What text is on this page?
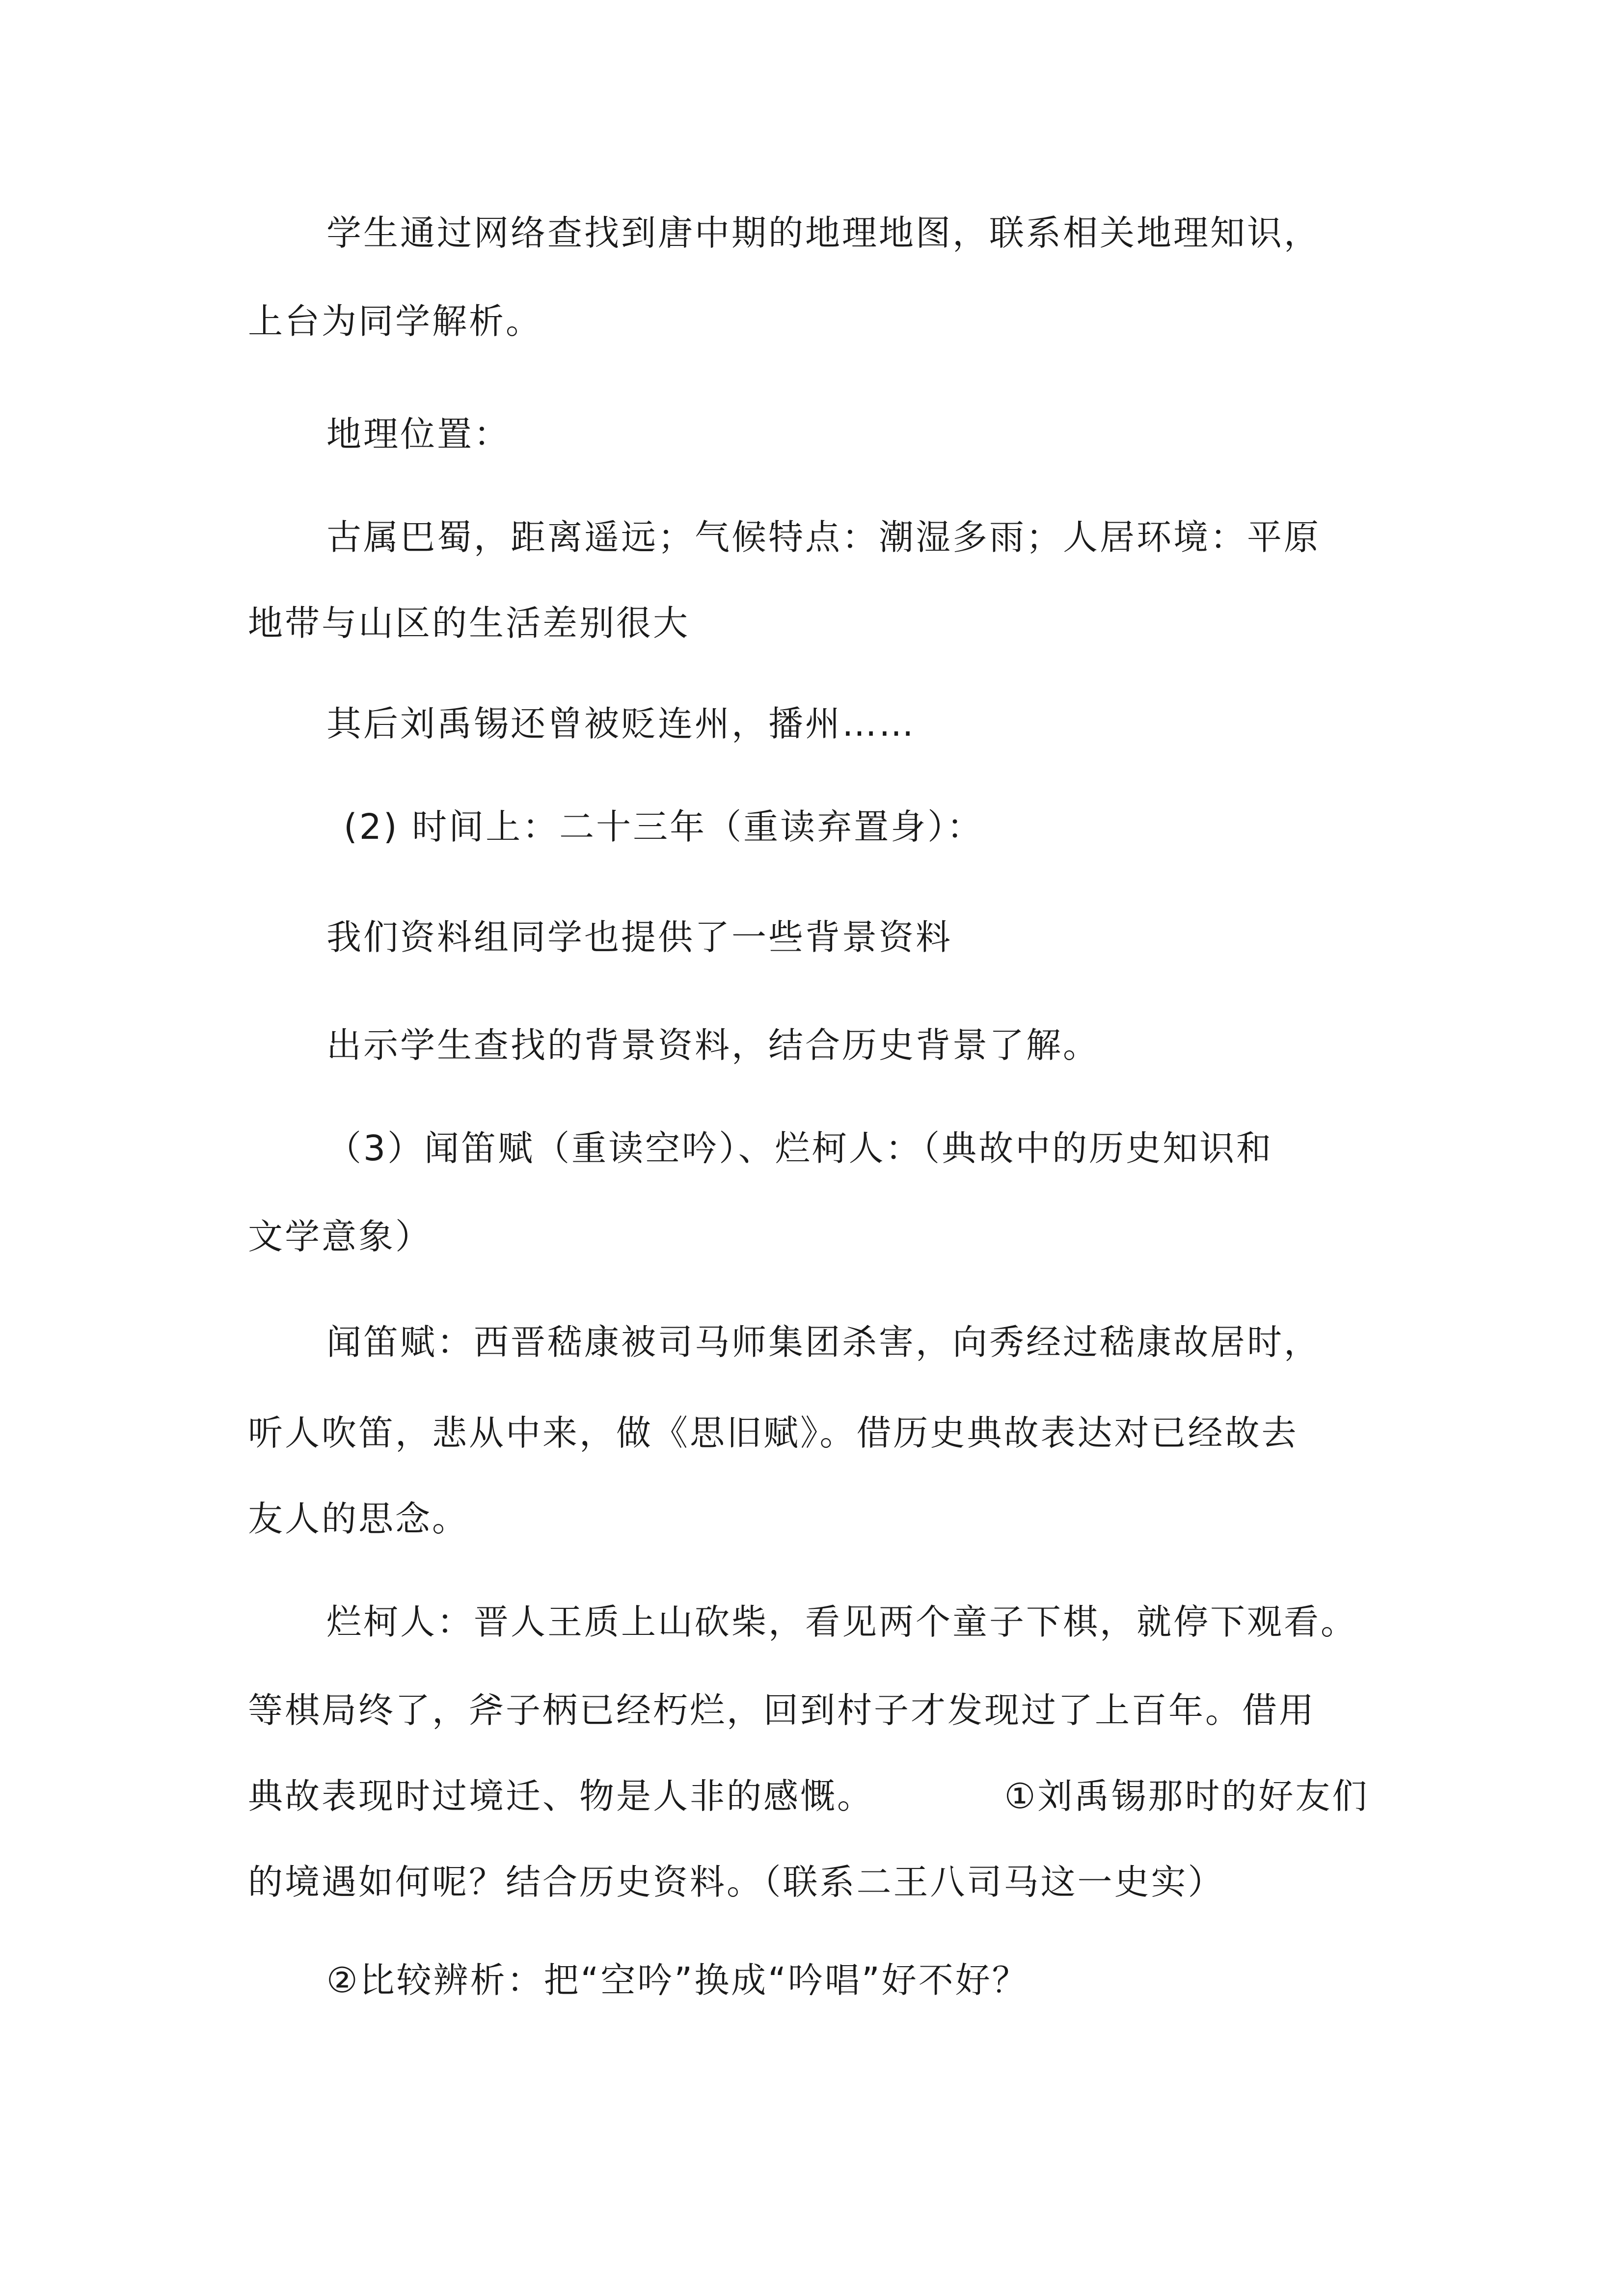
学生通过网络查找到唐中期的地理地图，联系相关地理知识，
上台为同学解析。
地理位置：
古属巴蜀，距离遥远；气候特点：潮湿多雨；人居环境：平原
地带与山区的生活差别很大
其后刘禹锡还曾被贬连州，播州……
(2) 时间上：二十三年（重读弃置身）：
我们资料组同学也提供了一些背景资料
出示学生查找的背景资料，结合历史背景了解。
（3）闻笛赋（重读空吟）、烂柯人：（典故中的历史知识和
文学意象）
闻笛赋：西晋嵇康被司马师集团杀害，向秀经过嵇康故居时，
听人吹笛，悲从中来，做《思旧赋》。借历史典故表达对已经故去
友人的思念。
烂柯人：晋人王质上山砍柴，看见两个童子下棋，就停下观看。
等棋局终了，斧子柄已经朽烂，回到村子才发现过了上百年。借用
典故表现时过境迁、物是人非的感慨。          ①刘禹锡那时的好友们
的境遇如何呢？结合历史资料。（联系二王八司马这一史实）
②比较辨析：把“空吟”换成“吟唱”好不好？
